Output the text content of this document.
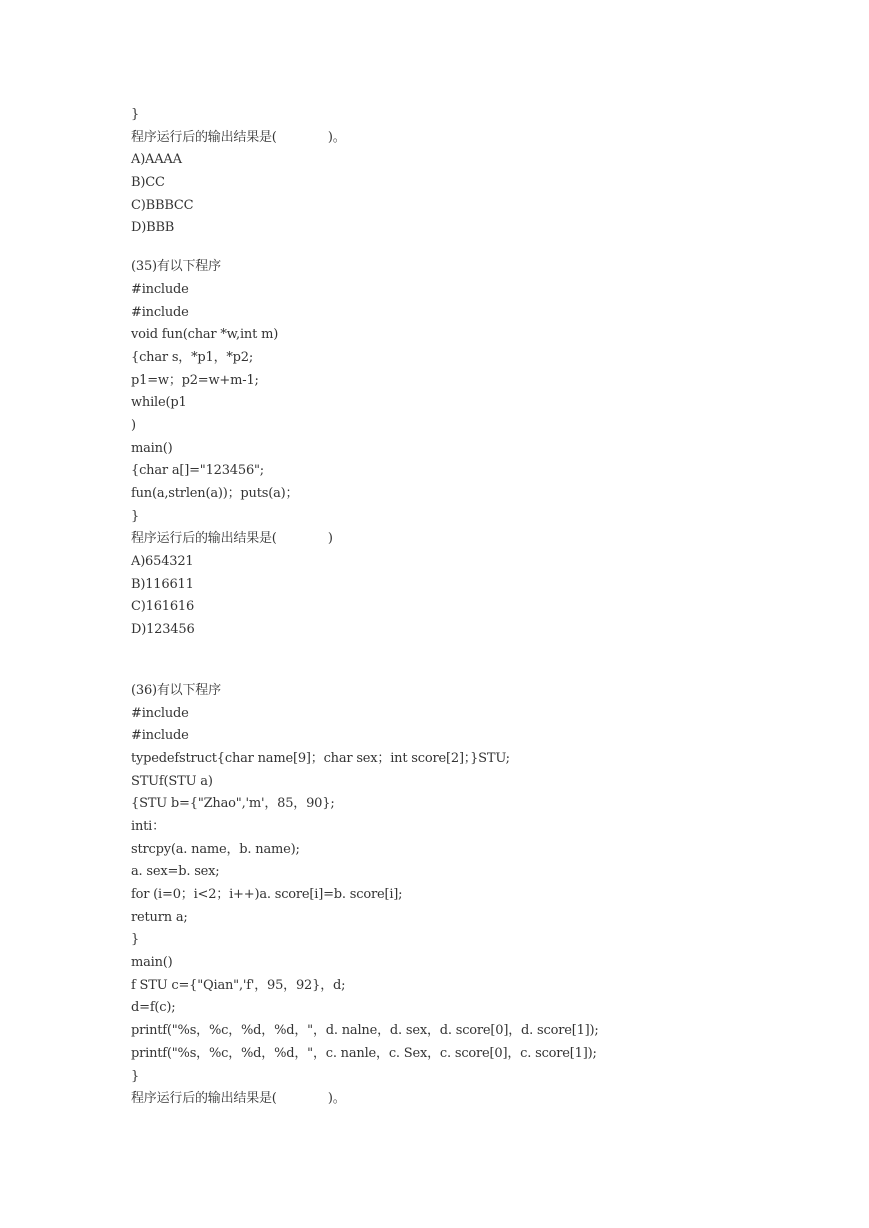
}
程序运行后的输出结果是(　　　　)。
A)AAAA
B)CC
C)BBBCC
D)BBB
(35)有以下程序
#include
#include
void fun(char *w,int m)
{char s，*p1，*p2;
p1=w；p2=w+m-1;
while(p1
)
main()
{char a[]="123456";
fun(a,strlen(a))；puts(a)；
}
程序运行后的输出结果是(　　　　)
A)654321
B)116611
C)161616
D)123456
(36)有以下程序
#include
#include
typedefstruct{char name[9]；char sex；int score[2]；}STU;
STUf(STU a)
{STU b={"Zhao",'m'，85，90};
inti：
strcpy(a. name，b. name);
a. sex=b. sex;
for (i=0；i<2；i++)a. score[i]=b. score[i];
return a;
}
main()
f STU c={"Qian",'f'，95，92}，d;
d=f(c);
printf("%s，%c，%d，%d，"，d. nalne，d. sex，d. score[0]，d. score[1]);
printf("%s，%c，%d，%d，"，c. nanle，c. Sex，c. score[0]，c. score[1]);
}
程序运行后的输出结果是(　　　　)。
